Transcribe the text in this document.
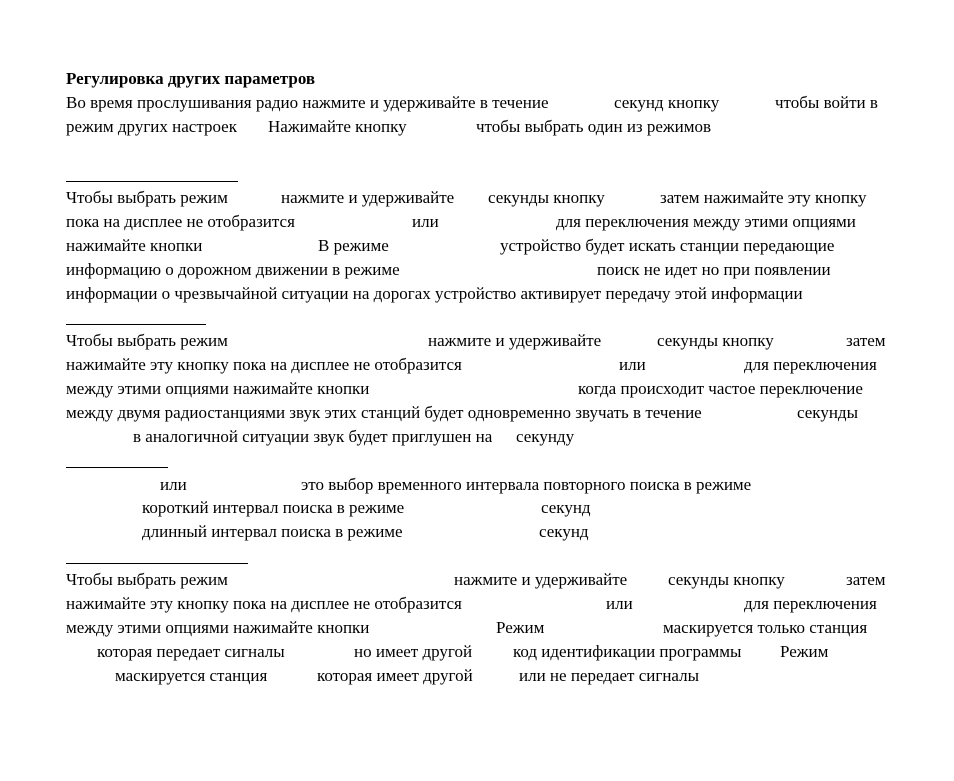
Регулировка других параметров
Во время прослушивания радио нажмите и удерживайте в течение	секунд кнопку	чтобы войти в
режим других настроек Нажимайте кнопку	чтобы выбрать один из режимов
Чтобы выбрать режим	нажмите и удерживайте секунды кнопку	затем нажимайте эту кнопку
пока на дисплее не отобразится	или	для переключения между этими опциями
нажимайте кнопки	В режиме	устройство будет искать станции передающие
информацию о дорожном движении в режиме	поиск не идет но при появлении
информации о чрезвычайной ситуации на дорогах устройство активирует передачу этой информации
Чтобы выбрать режим	нажмите и удерживайте	секунды кнопку	затем
нажимайте эту кнопку пока на дисплее не отобразится	или	для переключения
между этими опциями нажимайте кнопки	когда происходит частое переключение
между двумя радиостанциями звук этих станций будет одновременно звучать в течение	секунды
в аналогичной ситуации звук будет приглушен на секунду
или	это выбор временного интервала повторного поиска в режиме
короткий интервал поиска в режиме	секунд
длинный интервал поиска в режиме	секунд
Чтобы выбрать режим	нажмите и удерживайте секунды кнопку	затем
нажимайте эту кнопку пока на дисплее не отобразится	или	для переключения
между этими опциями нажимайте кнопки	Режим	маскируется только станция
которая передает сигналы	но имеет другой код идентификации программы Режим
маскируется станция	которая имеет другой	или не передает сигналы
